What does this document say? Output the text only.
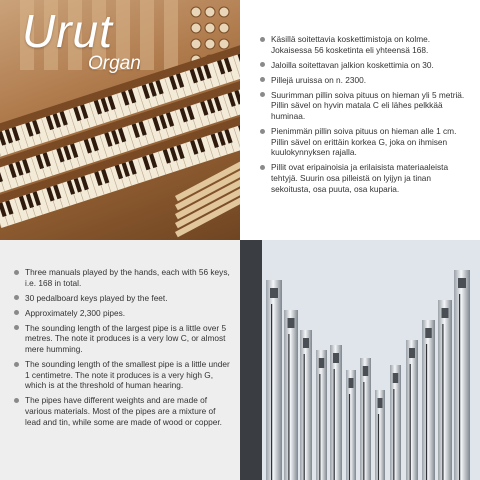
Urut
Organ
Käsillä soitettavia koskettimistoja on kolme. Jokaisessa 56 kosketinta eli yhteensä 168.
Jaloilla soitettavan jalkion koskettimia on 30.
Pillejä uruissa on n. 2300.
Suurimman pillin soiva pituus on hieman yli 5 metriä. Pillin sävel on hyvin matala C eli lähes pelkkää huminaa.
Pienimmän pillin soiva pituus on hieman alle 1 cm. Pillin sävel on erittäin korkea G, joka on ihmisen kuulokynnyksen rajalla.
Pillit ovat eripainoisia ja erilaisista materiaaleista tehtyjä. Suurin osa pilleistä on lyijyn ja tinan sekoitusta, osa puuta, osa kuparia.
Three manuals played by the hands, each with 56 keys, i.e. 168 in total.
30 pedalboard keys played by the feet.
Approximately 2,300 pipes.
The sounding length of the largest pipe is a little over 5 metres. The note it produces is a very low C, or almost mere humming.
The sounding length of the smallest pipe is a little under 1 centimetre. The note it produces is a very high G, which is at the threshold of human hearing.
The pipes have different weights and are made of various materials. Most of the pipes are a mixture of lead and tin, while some are made of wood or copper.
